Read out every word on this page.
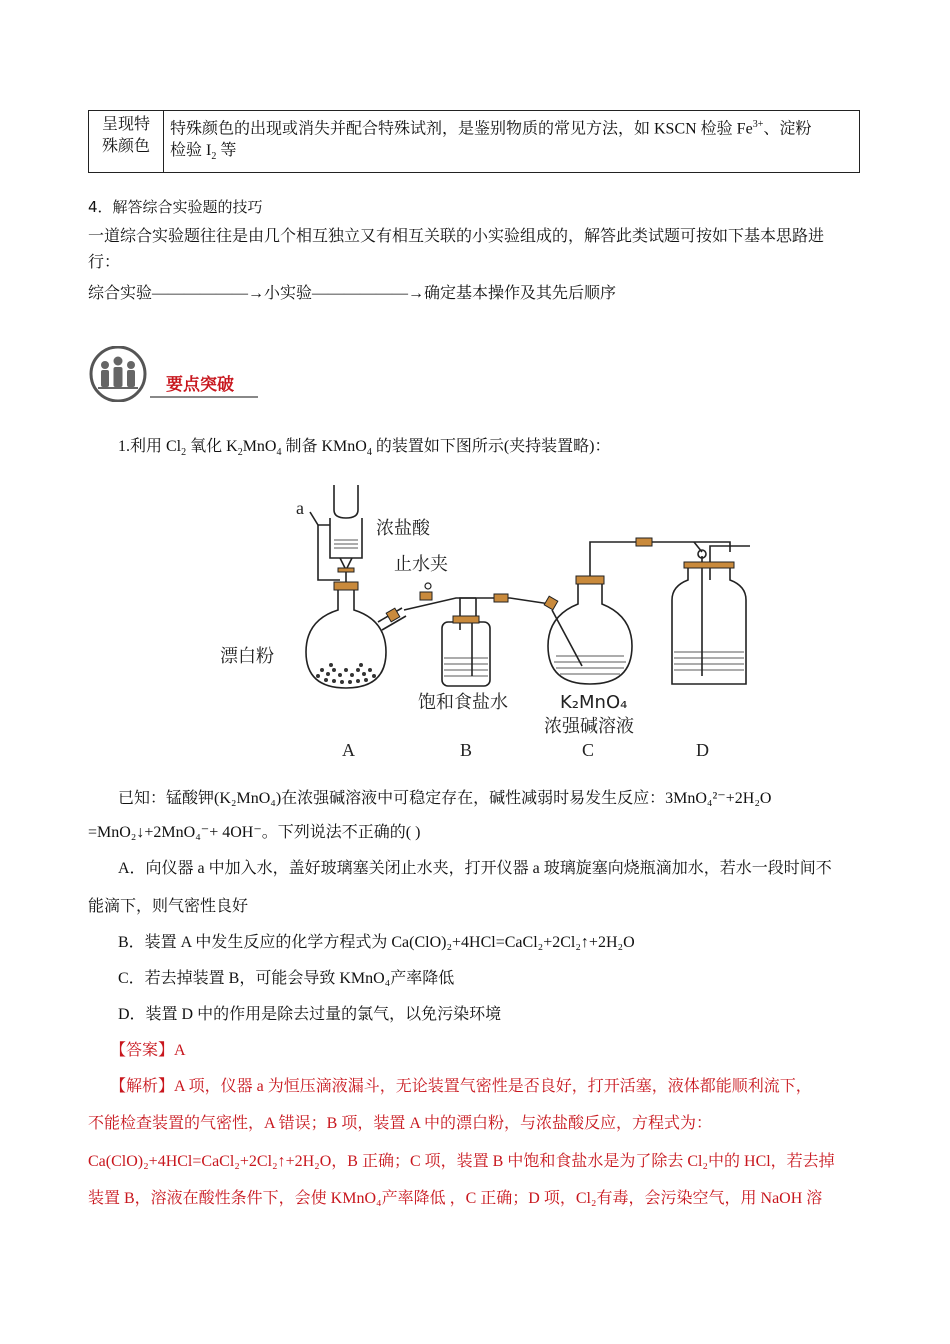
呈现特
殊颜色

特殊颜色的出现或消失并配合特殊试剂，是鉴别物质的常见方法，如 KSCN 检验 $Fe^{3+}$、淀粉
检验 $I_2$ 等
4．解答综合实验题的技巧
一道综合实验题往往是由几个相互独立又有相互关联的小实验组成的，解答此类试题可按如下基本思路进
行：
综合实验——————→小实验——————→确定基本操作及其先后顺序
要点突破
1.利用 $Cl_2$ 氧化 $K_2MnO_4$ 制备 KMnO$_4$ 的装置如下图所示(夹持装置略)：
a
浓盐酸
止水夹
漂白粉
饱和食盐水	K₂MnO₄
浓强碱溶液
A	B	C	D
已知：锰酸钾(K₂MnO₄)在浓强碱溶液中可稳定存在，碱性减弱时易发生反应：3MnO₄²⁻+2H₂O
=MnO₂↓+2MnO₄⁻+ 4OH⁻。下列说法不正确的( )
A．向仪器 a 中加入水，盖好玻璃塞关闭止水夹，打开仪器 a 玻璃旋塞向烧瓶滴加水，若水一段时间不
能滴下，则气密性良好
B．装置 A 中发生反应的化学方程式为 Ca(ClO)₂+4HCl=CaCl₂+2Cl₂↑+2H₂O
C．若去掉装置 B，可能会导致 KMnO₄产率降低
D．装置 D 中的作用是除去过量的氯气，以免污染环境
【答案】A
【解析】A 项，仪器 a 为恒压滴液漏斗，无论装置气密性是否良好，打开活塞，液体都能顺利流下，
不能检查装置的气密性，A 错误；B 项，装置 A 中的漂白粉，与浓盐酸反应，方程式为：
Ca(ClO)₂+4HCl=CaCl₂+2Cl₂↑+2H₂O，B 正确；C 项，装置 B 中饱和食盐水是为了除去 Cl₂中的 HCl，若去掉
装置 B，溶液在酸性条件下，会使 KMnO₄产率降低 ，C 正确；D 项，Cl₂有毒，会污染空气，用 NaOH 溶
